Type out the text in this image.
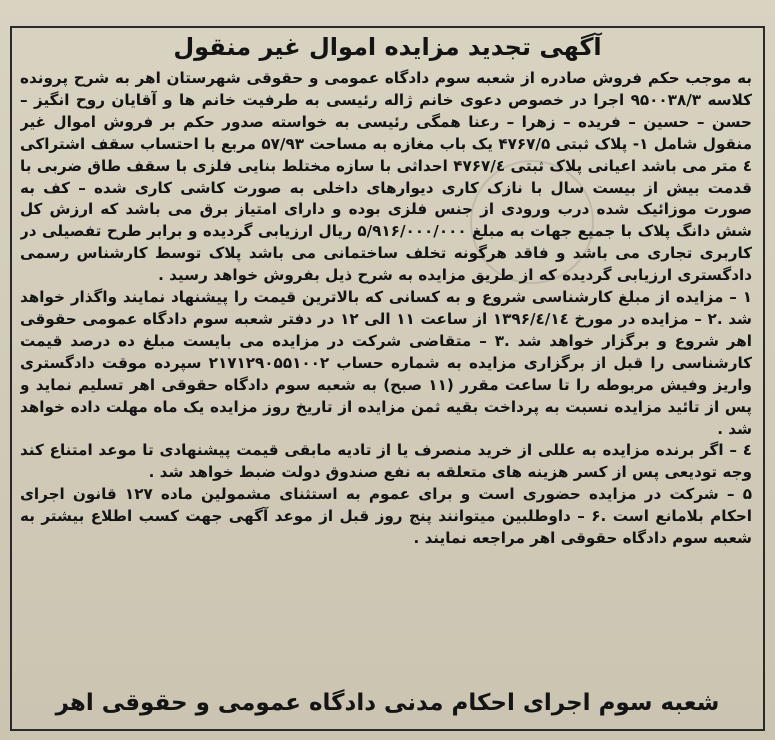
آگهی تجدید مزایده اموال غیر منقول

به موجب حکم فروش صادره از شعبه سوم دادگاه عمومی و حقوقی شهرستان اهر به شرح پرونده کلاسه ۹۵۰۰۳۸/۳ اجرا در خصوص دعوی خانم ژاله رئیسی به طرفیت خانم ها و آقایان روح انگیز – حسن – حسین – فریده – زهرا – رعنا همگی رئیسی به خواسته صدور حکم بر فروش اموال غیر منقول شامل ۱- پلاک ثبتی ۴۷۶۷/۵ یک باب مغازه به مساحت ۵۷/۹۳ مربع با احتساب سقف اشتراکی ٤ متر می باشد اعیانی پلاک ثبتی ۴۷۶۷/٤ احداثی با سازه مختلط بنایی فلزی با سقف طاق ضربی با قدمت بیش از بیست سال با نازک کاری دیوارهای داخلی به صورت کاشی کاری شده – کف به صورت موزائیک شده درب ورودی از جنس فلزی بوده و دارای امتیاز برق می باشد که ارزش کل شش دانگ پلاک با جمیع جهات به مبلغ ۵/۹۱۶/۰۰۰/۰۰۰ ریال ارزیابی گردیده و برابر طرح تفصیلی در کاربری تجاری می باشد و فاقد هرگونه تخلف ساختمانی می باشد پلاک توسط کارشناس رسمی دادگستری ارزیابی گردیده که از طریق مزایده به شرح ذیل بفروش خواهد رسید .

۱ – مزایده از مبلغ کارشناسی شروع و به کسانی که بالاترین قیمت را پیشنهاد نمایند واگذار خواهد شد .۲ – مزایده در مورخ ۱۳۹۶/٤/۱٤ از ساعت ۱۱ الی ۱۲ در دفتر شعبه سوم دادگاه عمومی حقوقی اهر شروع و برگزار خواهد شد .۳ – متقاضی شرکت در مزایده می بایست مبلغ ده درصد قیمت کارشناسی را قبل از برگزاری مزایده به شماره حساب ۲۱۷۱۲۹۰۵۵۱۰۰۲ سپرده موقت دادگستری واریز وفیش مربوطه را تا ساعت مقرر (۱۱ صبح) به شعبه سوم دادگاه حقوقی اهر تسلیم نماید و پس از تائید مزایده نسبت به پرداخت بقیه ثمن مزایده از تاریخ روز مزایده یک ماه مهلت داده خواهد شد .

٤ – اگر برنده مزایده به عللی از خرید منصرف یا از تادیه مابقی قیمت پیشنهادی تا موعد امتناع کند وجه تودیعی پس از کسر هزینه های متعلقه به نفع صندوق دولت ضبط خواهد شد .

۵ – شرکت در مزایده حضوری است و برای عموم به استثنای مشمولین ماده ۱۲۷ قانون اجرای احکام بلامانع است .۶ – داوطلبین میتوانند پنج روز قبل از موعد آگهی جهت کسب اطلاع بیشتر به شعبه سوم دادگاه حقوقی اهر مراجعه نمایند .

شعبه سوم اجرای احکام مدنی دادگاه عمومی و حقوقی اهر
